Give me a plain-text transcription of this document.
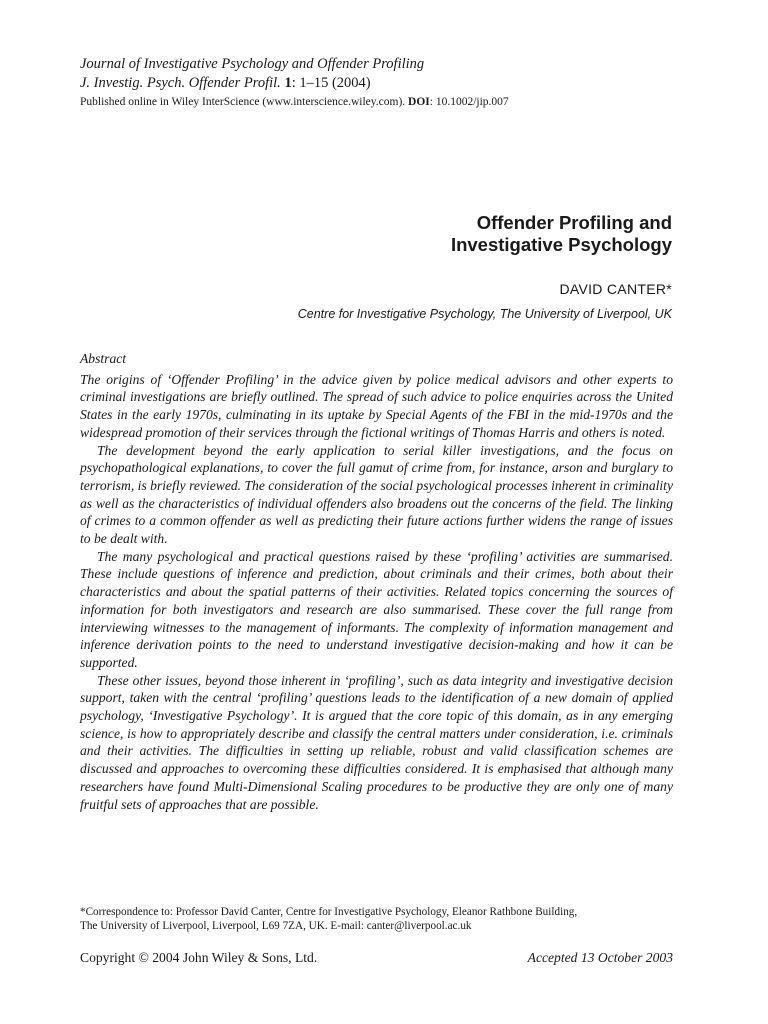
Journal of Investigative Psychology and Offender Profiling
J. Investig. Psych. Offender Profil. 1: 1–15 (2004)
Published online in Wiley InterScience (www.interscience.wiley.com). DOI: 10.1002/jip.007
Offender Profiling and
Investigative Psychology
DAVID CANTER*
Centre for Investigative Psychology, The University of Liverpool, UK
Abstract

The origins of ‘Offender Profiling’ in the advice given by police medical advisors and other experts to criminal investigations are briefly outlined. The spread of such advice to police enquiries across the United States in the early 1970s, culminating in its uptake by Special Agents of the FBI in the mid-1970s and the widespread promotion of their services through the fictional writings of Thomas Harris and others is noted.

The development beyond the early application to serial killer investigations, and the focus on psychopathological explanations, to cover the full gamut of crime from, for instance, arson and burglary to terrorism, is briefly reviewed. The consideration of the social psychological processes inherent in criminality as well as the characteristics of individual offenders also broadens out the concerns of the field. The linking of crimes to a common offender as well as predicting their future actions further widens the range of issues to be dealt with.

The many psychological and practical questions raised by these ‘profiling’ activities are summarised. These include questions of inference and prediction, about criminals and their crimes, both about their characteristics and about the spatial patterns of their activities. Related topics concerning the sources of information for both investigators and research are also summarised. These cover the full range from interviewing witnesses to the management of informants. The complexity of information management and inference derivation points to the need to understand investigative decision-making and how it can be supported.

These other issues, beyond those inherent in ‘profiling’, such as data integrity and investigative decision support, taken with the central ‘profiling’ questions leads to the identification of a new domain of applied psychology, ‘Investigative Psychology’. It is argued that the core topic of this domain, as in any emerging science, is how to appropriately describe and classify the central matters under consideration, i.e. criminals and their activities. The difficulties in setting up reliable, robust and valid classification schemes are discussed and approaches to overcoming these difficulties considered. It is emphasised that although many researchers have found Multi-Dimensional Scaling procedures to be productive they are only one of many fruitful sets of approaches that are possible.

*Correspondence to: Professor David Canter, Centre for Investigative Psychology, Eleanor Rathbone Building,
The University of Liverpool, Liverpool, L69 7ZA, UK. E-mail: canter@liverpool.ac.uk
Copyright © 2004 John Wiley & Sons, Ltd.	Accepted 13 October 2003
